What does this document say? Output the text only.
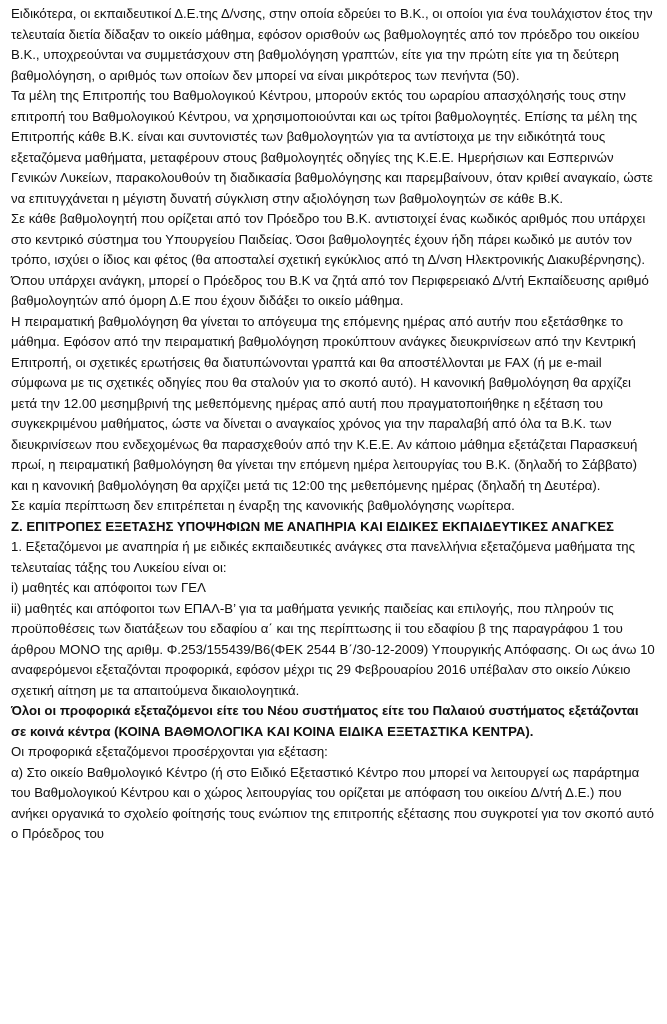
Ειδικότερα, οι εκπαιδευτικοί Δ.Ε.της Δ/νσης, στην οποία εδρεύει το Β.Κ., οι οποίοι για ένα τουλάχιστον έτος την τελευταία διετία δίδαξαν το οικείο μάθημα, εφόσον ορισθούν ως βαθμολογητές από τον πρόεδρο του οικείου Β.Κ., υποχρεούνται να συμμετάσχουν στη βαθμολόγηση γραπτών, είτε για την πρώτη είτε για τη δεύτερη βαθμολόγηση, ο αριθμός των οποίων δεν μπορεί να είναι μικρότερος των πενήντα (50).

Τα μέλη της Επιτροπής του Βαθμολογικού Κέντρου, μπορούν εκτός του ωραρίου απασχόλησής τους στην επιτροπή του Βαθμολογικού Κέντρου, να χρησιμοποιούνται και ως τρίτοι βαθμολογητές. Επίσης τα μέλη της Επιτροπής κάθε Β.Κ. είναι και συντονιστές των βαθμολογητών για τα αντίστοιχα με την ειδικότητά τους εξεταζόμενα μαθήματα, μεταφέρουν στους βαθμολογητές οδηγίες της Κ.Ε.Ε. Ημερήσιων και Εσπερινών Γενικών Λυκείων, παρακολουθούν τη διαδικασία βαθμολόγησης και παρεμβαίνουν, όταν κριθεί αναγκαίο, ώστε να επιτυγχάνεται η μέγιστη δυνατή σύγκλιση στην αξιολόγηση των βαθμολογητών σε κάθε Β.Κ.

Σε κάθε βαθμολογητή που ορίζεται από τον Πρόεδρο του Β.Κ. αντιστοιχεί ένας κωδικός αριθμός που υπάρχει στο κεντρικό σύστημα του Υπουργείου Παιδείας. Όσοι βαθμολογητές έχουν ήδη πάρει κωδικό με αυτόν τον τρόπο, ισχύει ο ίδιος και φέτος (θα αποσταλεί σχετική εγκύκλιος από τη Δ/νση Ηλεκτρονικής Διακυβέρνησης). Όπου υπάρχει ανάγκη, μπορεί ο Πρόεδρος του Β.Κ να ζητά από τον Περιφερειακό Δ/ντή Εκπαίδευσης αριθμό βαθμολογητών από όμορη Δ.Ε που έχουν διδάξει το οικείο μάθημα.

Η πειραματική βαθμολόγηση θα γίνεται το απόγευμα της επόμενης ημέρας από αυτήν που εξετάσθηκε το μάθημα. Εφόσον από την πειραματική βαθμολόγηση προκύπτουν ανάγκες διευκρινίσεων από την Κεντρική Επιτροπή, οι σχετικές ερωτήσεις θα διατυπώνονται γραπτά και θα αποστέλλονται με FAX (ή με e-mail σύμφωνα με τις σχετικές οδηγίες που θα σταλούν για το σκοπό αυτό). Η κανονική βαθμολόγηση θα αρχίζει μετά την 12.00 μεσημβρινή της μεθεπόμενης ημέρας από αυτή που πραγματοποιήθηκε η εξέταση του συγκεκριμένου μαθήματος, ώστε να δίνεται ο αναγκαίος χρόνος για την παραλαβή από όλα τα Β.Κ. των διευκρινίσεων που ενδεχομένως θα παρασχεθούν από την Κ.Ε.Ε. Αν κάποιο μάθημα εξετάζεται Παρασκευή πρωί, η πειραματική βαθμολόγηση θα γίνεται την επόμενη ημέρα λειτουργίας του Β.Κ. (δηλαδή το Σάββατο) και η κανονική βαθμολόγηση θα αρχίζει μετά τις 12:00 της μεθεπόμενης ημέρας (δηλαδή τη Δευτέρα).

Σε καμία περίπτωση δεν επιτρέπεται η έναρξη της κανονικής βαθμολόγησης νωρίτερα.

Ζ. ΕΠΙΤΡΟΠΕΣ ΕΞΕΤΑΣΗΣ ΥΠΟΨΗΦΙΩΝ ΜΕ ΑΝΑΠΗΡΙΑ ΚΑΙ ΕΙΔΙΚΕΣ ΕΚΠΑΙΔΕΥΤΙΚΕΣ ΑΝΑΓΚΕΣ

1. Εξεταζόμενοι με αναπηρία ή με ειδικές εκπαιδευτικές ανάγκες στα πανελλήνια εξεταζόμενα μαθήματα της τελευταίας τάξης του Λυκείου είναι οι:

i) μαθητές και απόφοιτοι των ΓΕΛ

ii) μαθητές και απόφοιτοι των ΕΠΑΛ-Β’ για τα μαθήματα γενικής παιδείας και επιλογής, που πληρούν τις προϋποθέσεις των διατάξεων του εδαφίου α΄ και της περίπτωσης ii του εδαφίου β της παραγράφου 1 του άρθρου ΜΟΝΟ της αριθμ. Φ.253/155439/Β6(ΦΕΚ 2544 Β΄/30-12-2009) Υπουργικής Απόφασης. Οι ως άνω 10 αναφερόμενοι εξεταζόνται προφορικά, εφόσον μέχρι τις 29 Φεβρουαρίου 2016 υπέβαλαν στο οικείο Λύκειο σχετική αίτηση με τα απαιτούμενα δικαιολογητικά.

Όλοι οι προφορικά εξεταζόμενοι είτε του Νέου συστήματος είτε του Παλαιού συστήματος εξετάζονται σε κοινά κέντρα (ΚΟΙΝΑ ΒΑΘΜΟΛΟΓΙΚΑ ΚΑΙ ΚΟΙΝΑ ΕΙΔΙΚΑ ΕΞΕΤΑΣΤΙΚΑ ΚΕΝΤΡΑ).

Οι προφορικά εξεταζόμενοι προσέρχονται για εξέταση:

α) Στο οικείο Βαθμολογικό Κέντρο (ή στο Ειδικό Εξεταστικό Κέντρο που μπορεί να λειτουργεί ως παράρτημα του Βαθμολογικού Κέντρου και ο χώρος λειτουργίας του ορίζεται με απόφαση του οικείου Δ/ντή Δ.Ε.) που ανήκει οργανικά το σχολείο φοίτησής τους ενώπιον της επιτροπής εξέτασης που συγκροτεί για τον σκοπό αυτό ο Πρόεδρος του
